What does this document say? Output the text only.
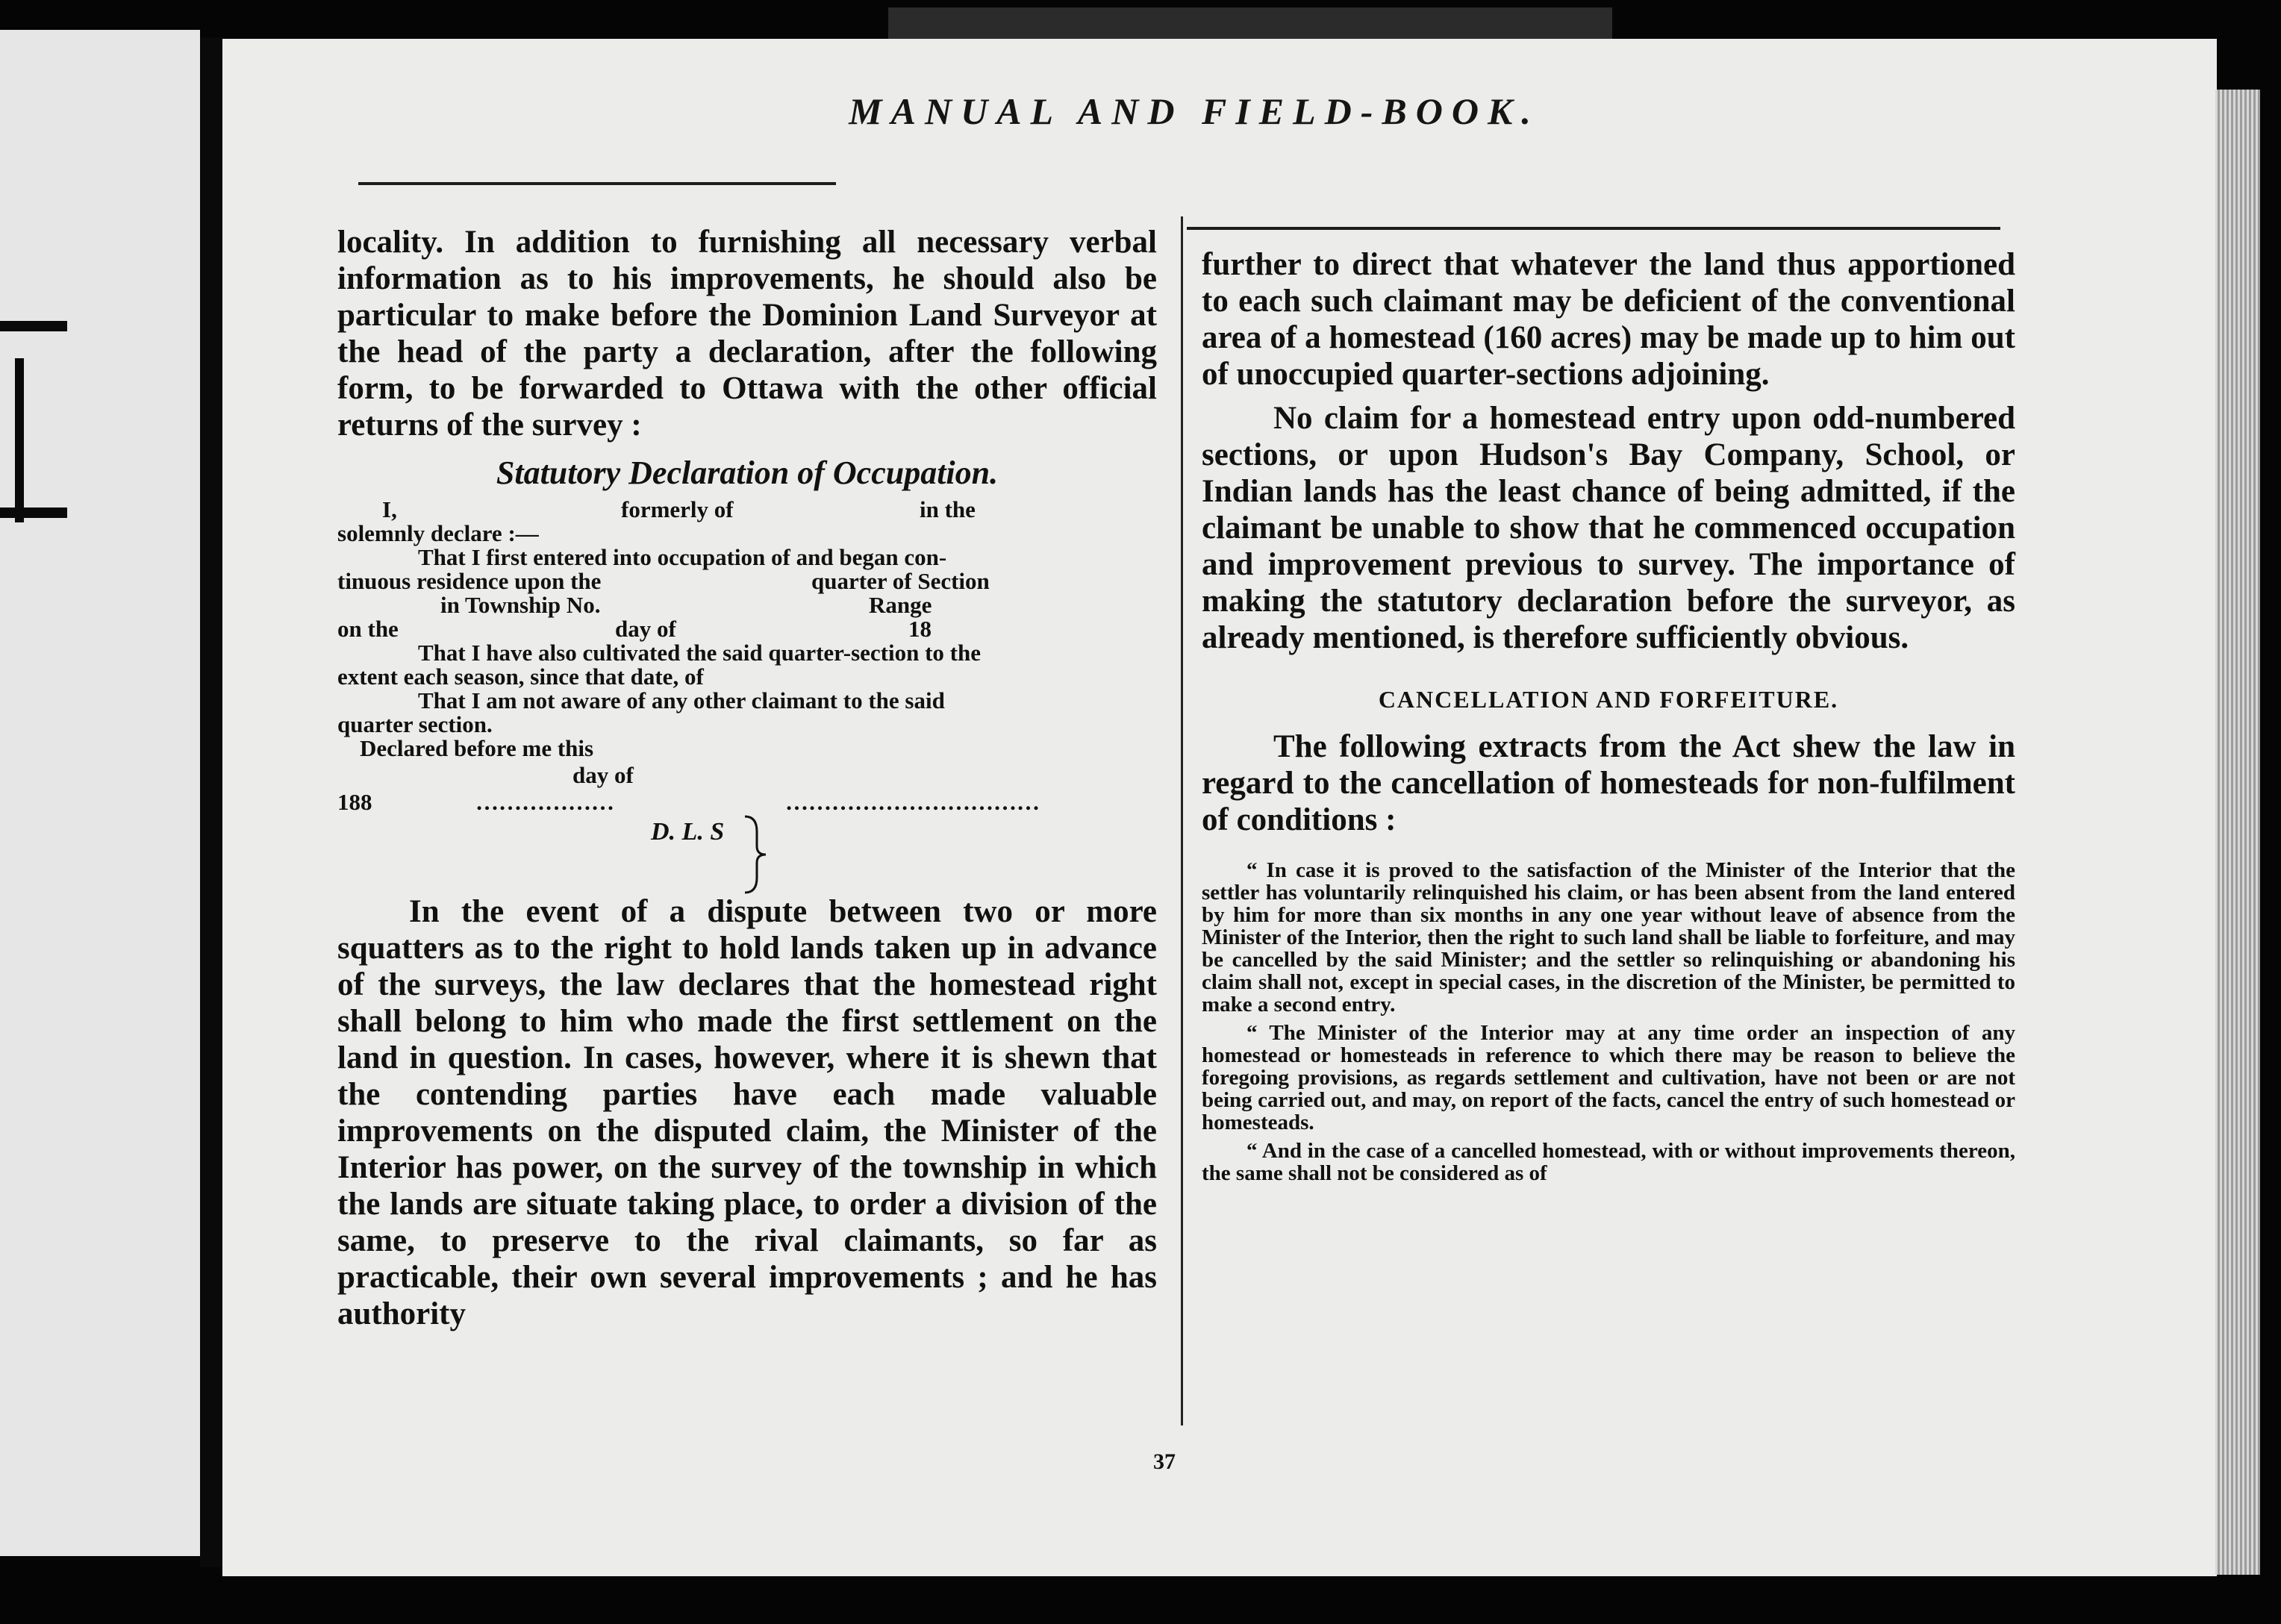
MANUAL AND FIELD-BOOK.

locality. In addition to furnishing all necessary verbal information as to his improvements, he should also be particular to make before the Dominion Land Surveyor at the head of the party a declaration, after the following form, to be forwarded to Ottawa with the other official returns of the survey :

Statutory Declaration of Occupation.
I,	formerly of	in the
solemnly declare :—
That I first entered into occupation of and began con-
tinuous residence upon the	quarter of Section
in Township No.	Range
on the	day of	18
That I have also cultivated the said quarter-section to the
extent each season, since that date, of
That I am not aware of any other claimant to the said
quarter section.
Declared before me this
day of
188	………………	……………………………
D. L. S

In the event of a dispute between two or more squatters as to the right to hold lands taken up in advance of the surveys, the law declares that the homestead right shall belong to him who made the first settlement on the land in question. In cases, however, where it is shewn that the contending parties have each made valuable improvements on the disputed claim, the Minister of the Interior has power, on the survey of the township in which the lands are situate taking place, to order a division of the same, to preserve to the rival claimants, so far as practicable, their own several improvements ; and he has authority

further to direct that whatever the land thus apportioned to each such claimant may be deficient of the conventional area of a homestead (160 acres) may be made up to him out of unoccupied quarter-sections adjoining.

No claim for a homestead entry upon odd-numbered sections, or upon Hudson's Bay Company, School, or Indian lands has the least chance of being admitted, if the claimant be unable to show that he commenced occupation and improvement previous to survey. The importance of making the statutory declaration before the surveyor, as already mentioned, is therefore sufficiently obvious.

CANCELLATION AND FORFEITURE.

The following extracts from the Act shew the law in regard to the cancellation of homesteads for non-fulfilment of conditions :

“ In case it is proved to the satisfaction of the Minister of the Interior that the settler has voluntarily relinquished his claim, or has been absent from the land entered by him for more than six months in any one year without leave of absence from the Minister of the Interior, then the right to such land shall be liable to forfeiture, and may be cancelled by the said Minister; and the settler so relinquishing or abandoning his claim shall not, except in special cases, in the discretion of the Minister, be permitted to make a second entry.

“ The Minister of the Interior may at any time order an inspection of any homestead or homesteads in reference to which there may be reason to believe the foregoing provisions, as regards settlement and cultivation, have not been or are not being carried out, and may, on report of the facts, cancel the entry of such homestead or homesteads.

“ And in the case of a cancelled homestead, with or without improvements thereon, the same shall not be considered as of

37
